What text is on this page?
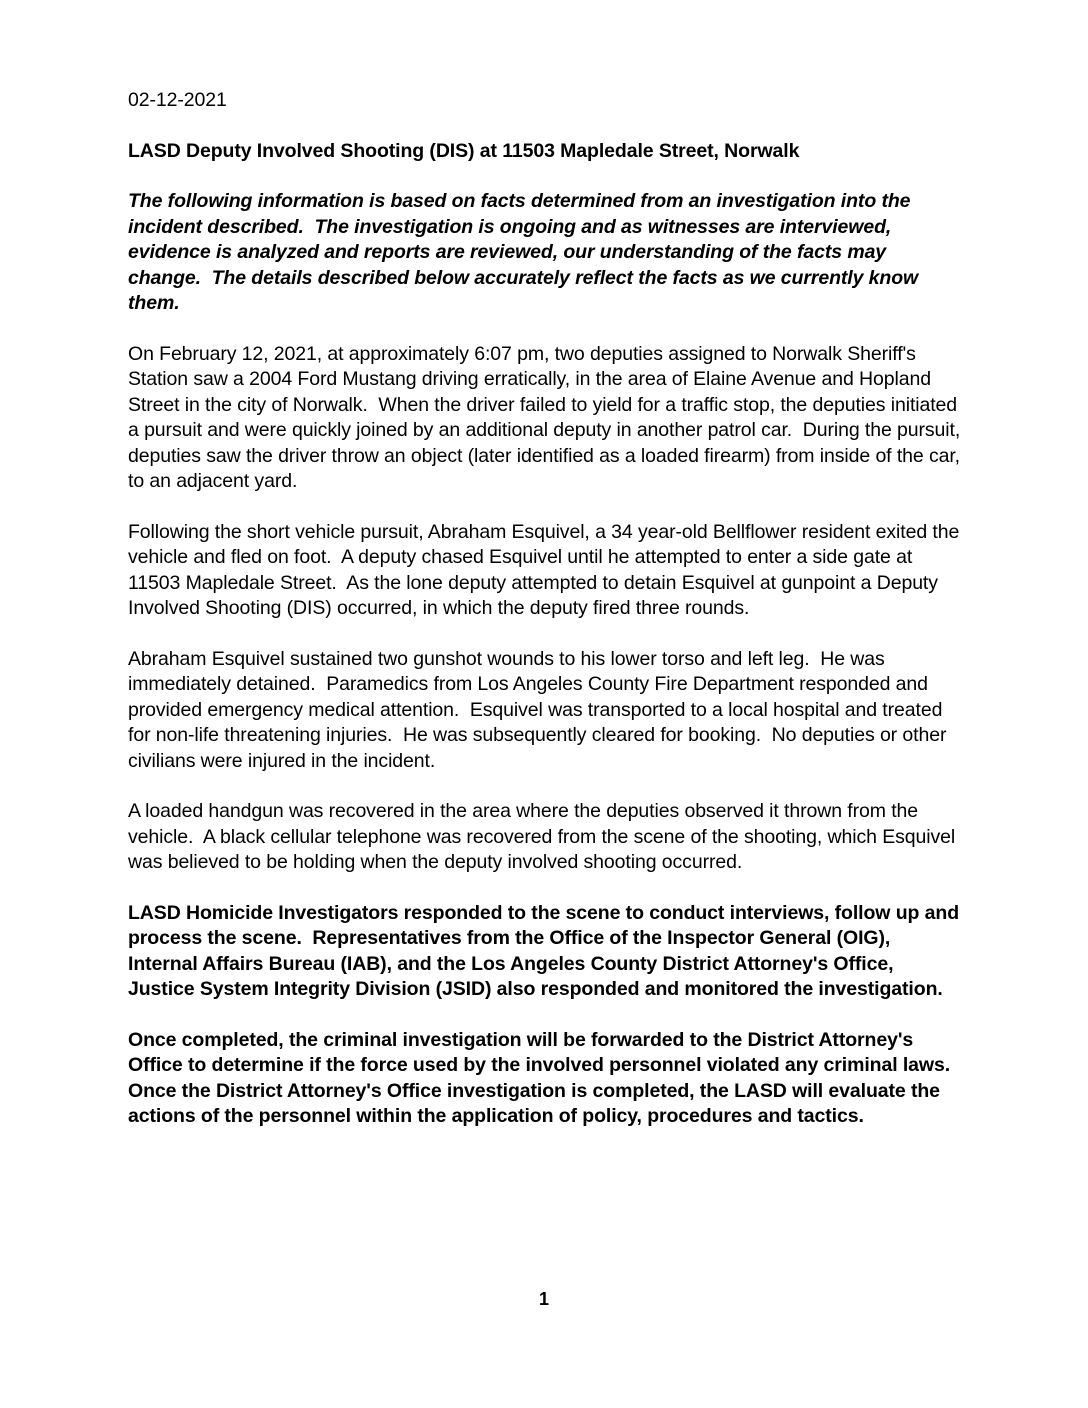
02-12-2021

LASD Deputy Involved Shooting (DIS) at 11503 Mapledale Street, Norwalk

The following information is based on facts determined from an investigation into the incident described.  The investigation is ongoing and as witnesses are interviewed, evidence is analyzed and reports are reviewed, our understanding of the facts may change.  The details described below accurately reflect the facts as we currently know them.

On February 12, 2021, at approximately 6:07 pm, two deputies assigned to Norwalk Sheriff's Station saw a 2004 Ford Mustang driving erratically, in the area of Elaine Avenue and Hopland Street in the city of Norwalk.  When the driver failed to yield for a traffic stop, the deputies initiated a pursuit and were quickly joined by an additional deputy in another patrol car.  During the pursuit, deputies saw the driver throw an object (later identified as a loaded firearm) from inside of the car, to an adjacent yard.

Following the short vehicle pursuit, Abraham Esquivel, a 34 year-old Bellflower resident exited the vehicle and fled on foot.  A deputy chased Esquivel until he attempted to enter a side gate at 11503 Mapledale Street.  As the lone deputy attempted to detain Esquivel at gunpoint a Deputy Involved Shooting (DIS) occurred, in which the deputy fired three rounds.

Abraham Esquivel sustained two gunshot wounds to his lower torso and left leg.  He was immediately detained.  Paramedics from Los Angeles County Fire Department responded and provided emergency medical attention.  Esquivel was transported to a local hospital and treated for non-life threatening injuries.  He was subsequently cleared for booking.  No deputies or other civilians were injured in the incident.

A loaded handgun was recovered in the area where the deputies observed it thrown from the vehicle.  A black cellular telephone was recovered from the scene of the shooting, which Esquivel was believed to be holding when the deputy involved shooting occurred.

LASD Homicide Investigators responded to the scene to conduct interviews, follow up and process the scene.  Representatives from the Office of the Inspector General (OIG), Internal Affairs Bureau (IAB), and the Los Angeles County District Attorney's Office, Justice System Integrity Division (JSID) also responded and monitored the investigation.

Once completed, the criminal investigation will be forwarded to the District Attorney's Office to determine if the force used by the involved personnel violated any criminal laws.  Once the District Attorney's Office investigation is completed, the LASD will evaluate the actions of the personnel within the application of policy, procedures and tactics.

1
